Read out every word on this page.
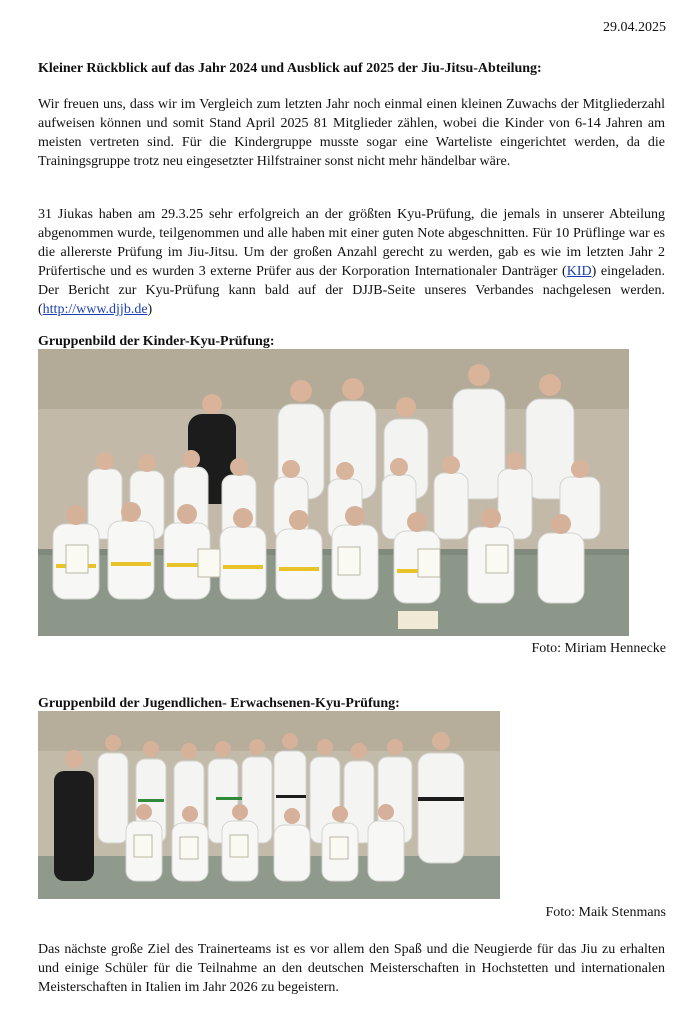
29.04.2025
Kleiner Rückblick auf das Jahr 2024 und Ausblick auf 2025 der Jiu-Jitsu-Abteilung:
Wir freuen uns, dass wir im Vergleich zum letzten Jahr noch einmal einen kleinen Zuwachs der Mitgliederzahl aufweisen können und somit Stand April 2025 81 Mitglieder zählen, wobei die Kinder von 6-14 Jahren am meisten vertreten sind. Für die Kindergruppe musste sogar eine Warteliste eingerichtet werden, da die Trainingsgruppe trotz neu eingesetzter Hilfstrainer sonst nicht mehr händelbar wäre.
31 Jiukas haben am 29.3.25 sehr erfolgreich an der größten Kyu-Prüfung, die jemals in unserer Abteilung abgenommen wurde, teilgenommen und alle haben mit einer guten Note abgeschnitten. Für 10 Prüflinge war es die allererste Prüfung im Jiu-Jitsu. Um der großen Anzahl gerecht zu werden, gab es wie im letzten Jahr 2 Prüfertische und es wurden 3 externe Prüfer aus der Korporation Internationaler Danträger (KID) eingeladen. Der Bericht zur Kyu-Prüfung kann bald auf der DJJB-Seite unseres Verbandes nachgelesen werden. (http://www.djjb.de)
Gruppenbild der Kinder-Kyu-Prüfung:
Foto: Miriam Hennecke
Gruppenbild der Jugendlichen- Erwachsenen-Kyu-Prüfung:
Foto: Maik Stenmans
Das nächste große Ziel des Trainerteams ist es vor allem den Spaß und die Neugierde für das Jiu zu erhalten und einige Schüler für die Teilnahme an den deutschen Meisterschaften in Hochstetten und internationalen Meisterschaften in Italien im Jahr 2026 zu begeistern.
